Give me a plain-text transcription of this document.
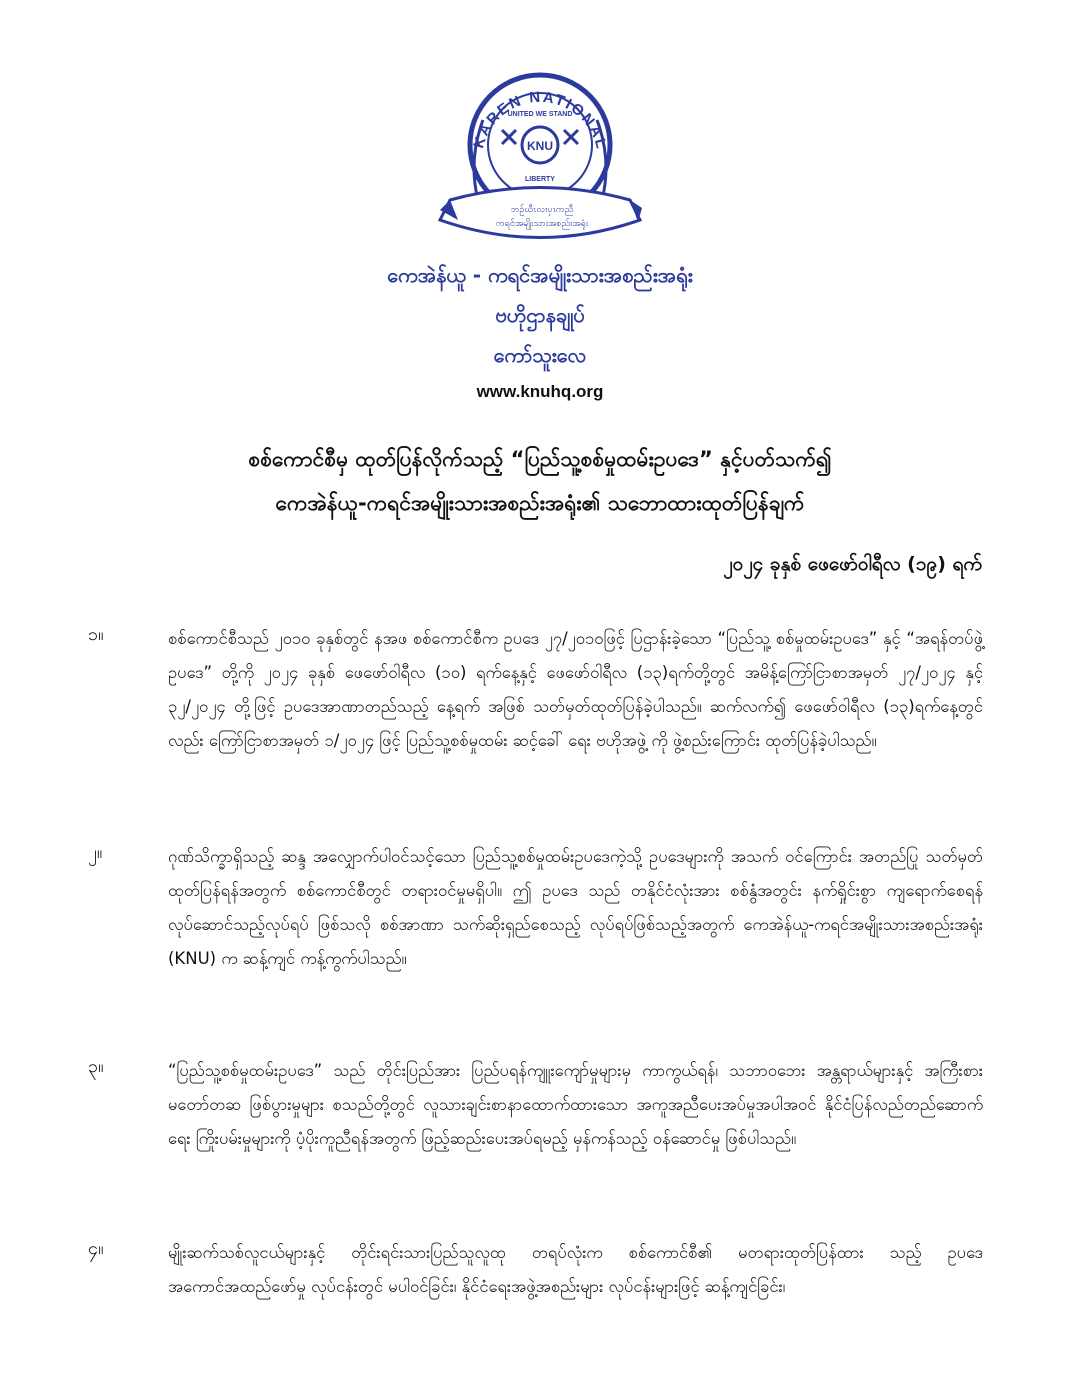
KAREN NATIONAL
KNU
UNITED WE STAND
LIBERTY
ဘဉ်ဃီၤလၢပှၤကညီ
ကရင်အမျိုးသားအစည်းအရုံး
ကေအဲန်ယူ - ကရင်အမျိုးသားအစည်းအရုံး
ဗဟိုဌာနချုပ်
ကော်သူးလေ
www.knuhq.org
စစ်ကောင်စီမှ ထုတ်ပြန်လိုက်သည့် “ပြည်သူ့စစ်မှုထမ်းဥပဒေ” နှင့်ပတ်သက်၍
ကေအဲန်ယူ-ကရင်အမျိုးသားအစည်းအရုံး၏ သဘောထားထုတ်ပြန်ချက်
၂၀၂၄ ခုနှစ် ဖေဖော်ဝါရီလ (၁၉) ရက်
၁။	စစ်ကောင်စီသည် ၂၀၁၀ ခုနှစ်တွင် နအဖ စစ်ကောင်စီက ဥပဒေ ၂၇/၂၀၁၀ဖြင့် ပြဌာန်းခဲ့သော “ပြည်သူ့ စစ်မှုထမ်းဥပဒေ” နှင့် “အရန်တပ်ဖွဲ့ ဥပဒေ” တို့ကို ၂၀၂၄ ခုနှစ် ဖေဖော်ဝါရီလ (၁၀) ရက်နေ့နှင့် ဖေဖော်ဝါရီလ (၁၃)ရက်တို့တွင် အမိန့်ကြော်ငြာစာအမှတ် ၂၇/၂၀၂၄ နှင့် ၃၂/၂၀၂၄ တို့ဖြင့် ဥပဒေအာဏာတည်သည့် နေ့ရက် အဖြစ် သတ်မှတ်ထုတ်ပြန်ခဲ့ပါသည်။ ဆက်လက်၍ ဖေဖော်ဝါရီလ (၁၃)ရက်နေ့တွင်လည်း ကြော်ငြာစာအမှတ် ၁/၂၀၂၄ ဖြင့် ပြည်သူ့စစ်မှုထမ်း ဆင့်ခေါ် ရေး ဗဟိုအဖွဲ့ ကို ဖွဲ့စည်းကြောင်း ထုတ်ပြန်ခဲ့ပါသည်။
၂။	ဂုဏ်သိက္ခာရှိသည့် ဆန္ဒ အလျှောက်ပါဝင်သင့်သော ပြည်သူ့စစ်မှုထမ်းဥပဒေကဲ့သို့ ဥပဒေများကို အသက် ဝင်ကြောင်း အတည်ပြု သတ်မှတ်ထုတ်ပြန်ရန်အတွက် စစ်ကောင်စီတွင် တရားဝင်မှုမရှိပါ။ ဤ ဥပဒေ သည် တနိုင်ငံလုံးအား စစ်နွံအတွင်း နက်ရှိုင်းစွာ ကျရောက်စေရန် လုပ်ဆောင်သည့်လုပ်ရပ် ဖြစ်သလို စစ်အာဏာ သက်ဆိုးရှည်စေသည့် လုပ်ရပ်ဖြစ်သည့်အတွက် ကေအဲန်ယူ-ကရင်အမျိုးသားအစည်းအရုံး (KNU) က ဆန့်ကျင် ကန့်ကွက်ပါသည်။
၃။	“ပြည်သူ့စစ်မှုထမ်းဥပဒေ” သည် တိုင်းပြည်အား ပြည်ပရန်ကျူးကျော်မှုများမှ ကာကွယ်ရန်၊ သဘာဝဘေး အန္တရာယ်များနှင့် အကြီးစားမတော်တဆ ဖြစ်ပွားမှုများ စသည်တို့တွင် လူသားချင်းစာနာထောက်ထားသော အကူအညီပေးအပ်မှုအပါအဝင် နိုင်ငံပြန်လည်တည်ဆောက်ရေး ကြိုးပမ်းမှုများကို ပံ့ပိုးကူညီရန်အတွက် ဖြည့်ဆည်းပေးအပ်ရမည့် မှန်ကန်သည့် ဝန်ဆောင်မှု ဖြစ်ပါသည်။
၄။	မျိုးဆက်သစ်လူငယ်များနှင့် တိုင်းရင်းသားပြည်သူလူထု တရပ်လုံးက စစ်ကောင်စီ၏ မတရားထုတ်ပြန်ထား သည့် ဥပဒေအကောင်အထည်ဖော်မှု လုပ်ငန်းတွင် မပါဝင်ခြင်း၊ နိုင်ငံရေးအဖွဲ့အစည်းများ လုပ်ငန်းများဖြင့် ဆန့်ကျင်ခြင်း၊
